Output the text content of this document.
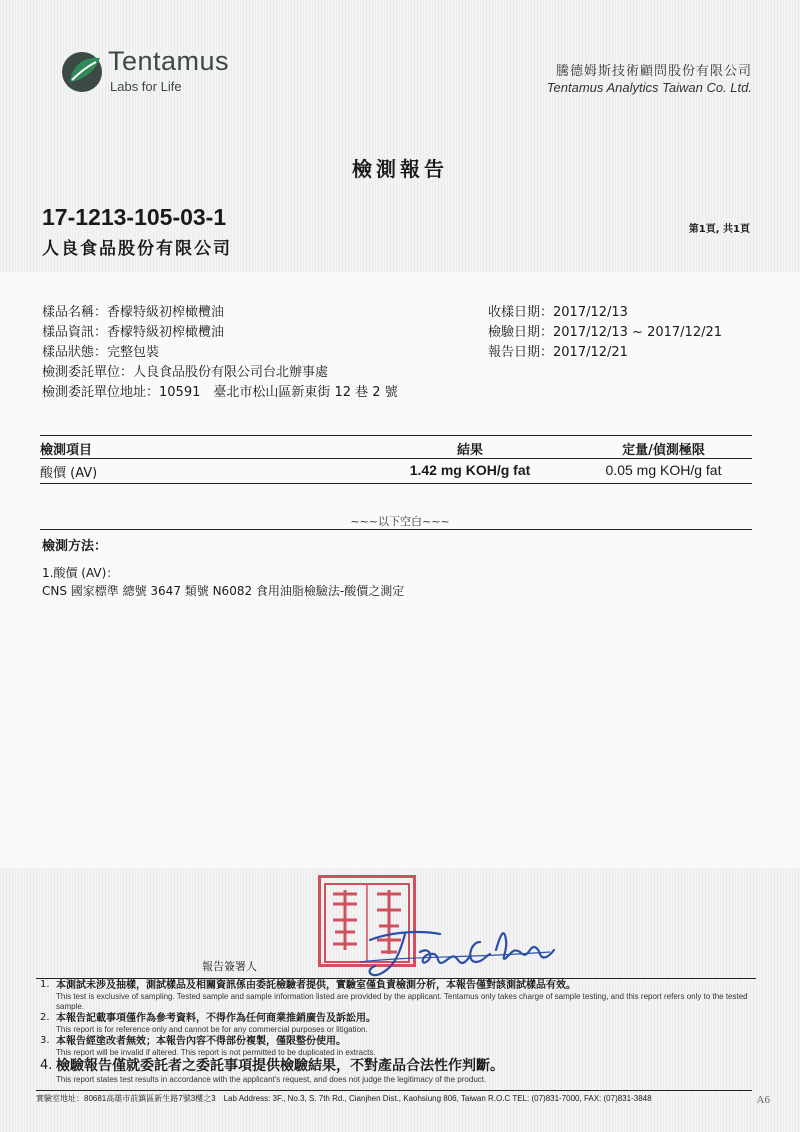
Tentamus
Labs for Life
騰德姆斯技術顧問股份有限公司
Tentamus Analytics Taiwan Co. Ltd.
檢測報告
17-1213-105-03-1
人良食品股份有限公司
第1頁, 共1頁
樣品名稱：香檬特級初榨橄欖油
樣品資訊：香檬特級初榨橄欖油
樣品狀態：完整包裝
檢測委託單位：人良食品股份有限公司台北辦事處
檢測委託單位地址：10591　臺北市松山區新東街 12 巷 2 號
收樣日期：2017/12/13
檢驗日期：2017/12/13 ~ 2017/12/21
報告日期：2017/12/21
檢測項目	結果	定量/偵測極限
酸價 (AV)	1.42 mg KOH/g fat	0.05 mg KOH/g fat
~~~以下空白~~~
檢測方法：
1.酸價 (AV)：
CNS 國家標準 總號 3647 類號 N6082 食用油脂檢驗法-酸價之測定
報告簽署人
1. 本測試未涉及抽樣，測試樣品及相關資訊係由委託檢驗者提供，實驗室僅負責檢測分析，本報告僅對該測試樣品有效。
This test is exclusive of sampling. Tested sample and sample information listed are provided by the applicant. Tentamus only takes charge of sample testing, and this report refers only to the tested sample.
2. 本報告記載事項僅作為參考資料，不得作為任何商業推銷廣告及訴訟用。
This report is for reference only and cannot be for any commercial purposes or litigation.
3. 本報告經塗改者無效；本報告內容不得部份複製，僅限整份使用。
This report will be invalid if altered. This report is not permitted to be duplicated in extracts.
4. 檢驗報告僅就委託者之委託事項提供檢驗結果，不對產品合法性作判斷。
This report states test results in accordance with the applicant's request, and does not judge the legitimacy of the product.
實驗室地址：80681高雄市前鎮區新生路7號3樓之3　Lab Address: 3F., No.3, S. 7th Rd., Cianjhen Dist., Kaohsiung 806, Taiwan R.O.C TEL: (07)831-7000, FAX: (07)831-3848	A6
